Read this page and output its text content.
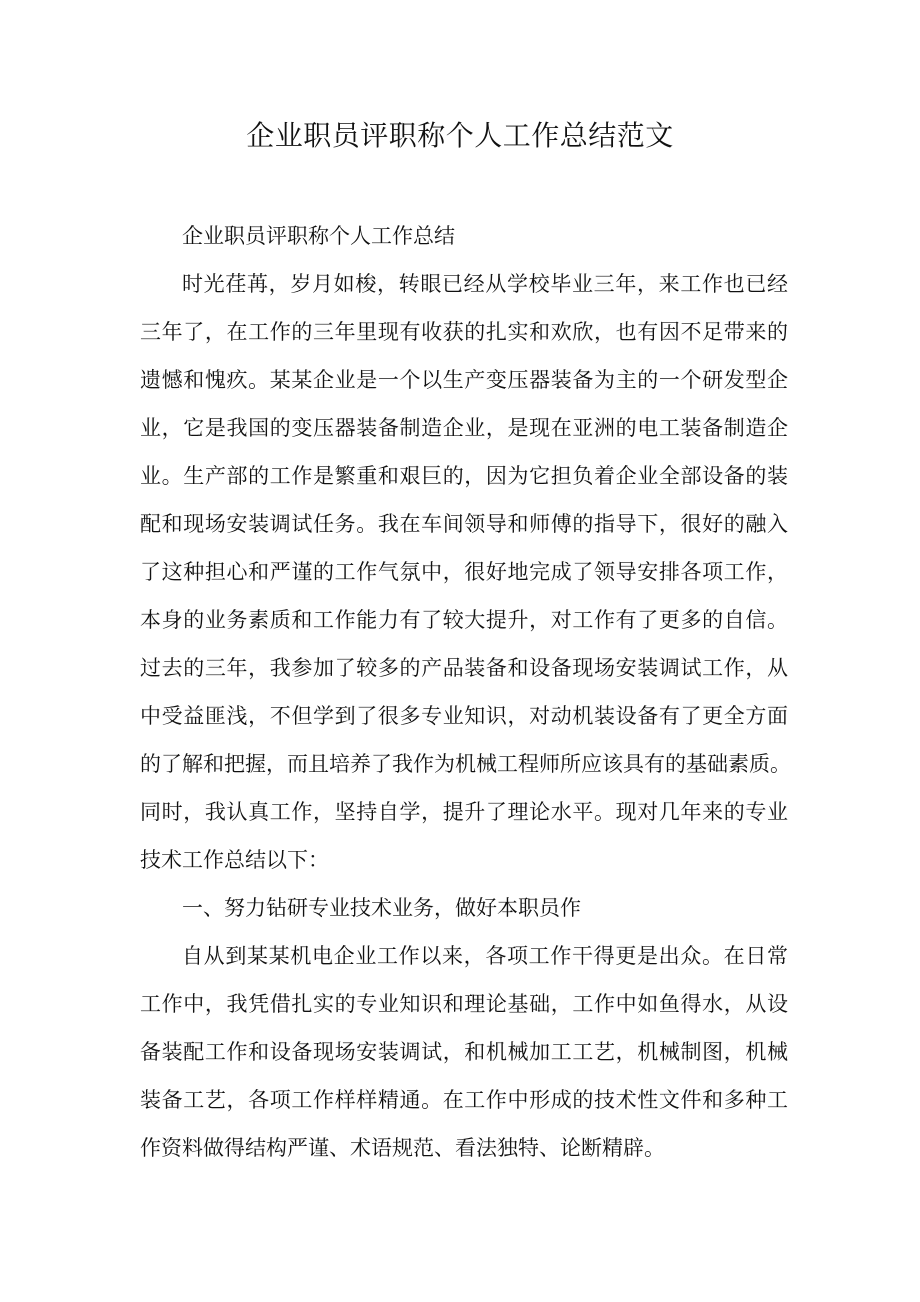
企业职员评职称个人工作总结范文
企业职员评职称个人工作总结
时光荏苒，岁月如梭，转眼已经从学校毕业三年，来工作也已经
三年了，在工作的三年里现有收获的扎实和欢欣，也有因不足带来的
遗憾和愧疚。某某企业是一个以生产变压器装备为主的一个研发型企
业，它是我国的变压器装备制造企业，是现在亚洲的电工装备制造企
业。生产部的工作是繁重和艰巨的，因为它担负着企业全部设备的装
配和现场安装调试任务。我在车间领导和师傅的指导下，很好的融入
了这种担心和严谨的工作气氛中，很好地完成了领导安排各项工作，
本身的业务素质和工作能力有了较大提升，对工作有了更多的自信。
过去的三年，我参加了较多的产品装备和设备现场安装调试工作，从
中受益匪浅，不但学到了很多专业知识，对动机装设备有了更全方面
的了解和把握，而且培养了我作为机械工程师所应该具有的基础素质。
同时，我认真工作，坚持自学，提升了理论水平。现对几年来的专业
技术工作总结以下：
一、努力钻研专业技术业务，做好本职员作
自从到某某机电企业工作以来，各项工作干得更是出众。在日常
工作中，我凭借扎实的专业知识和理论基础，工作中如鱼得水，从设
备装配工作和设备现场安装调试，和机械加工工艺，机械制图，机械
装备工艺，各项工作样样精通。在工作中形成的技术性文件和多种工
作资料做得结构严谨、术语规范、看法独特、论断精辟。
